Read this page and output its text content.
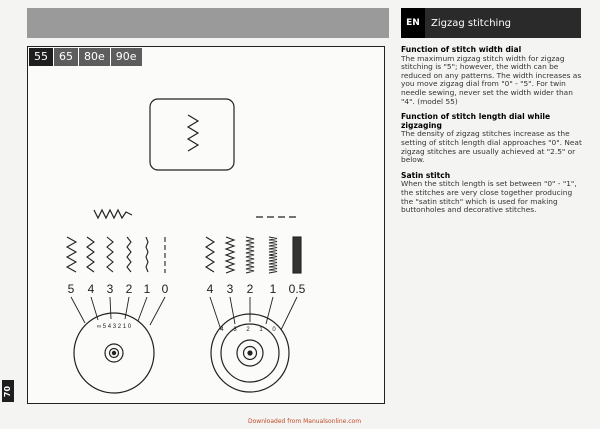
EN	Zigzag stitching
55	65	80e	90e
5 4 3 2 1 0	4 3 2 1 0.5
∞ 5 4 3 2 1 0	4 3 2 1 0
70
Function of stitch width dial

The maximum zigzag stitch width for zigzag stitching is "5"; however, the width can be reduced on any patterns. The width increases as you move zigzag dial from "0" - "5". For twin needle sewing, never set the width wider than "4". (model 55)

Function of stitch length dial while zigzaging

The density of zigzag stitches increase as the setting of stitch length dial approaches "0". Neat zigzag stitches are usually achieved at "2.5" or below.

Satin stitch

When the stitch length is set between "0" - "1", the stitches are very close together producing the "satin stitch" which is used for making buttonholes and decorative stitches.

Downloaded from Manualsonline.com
